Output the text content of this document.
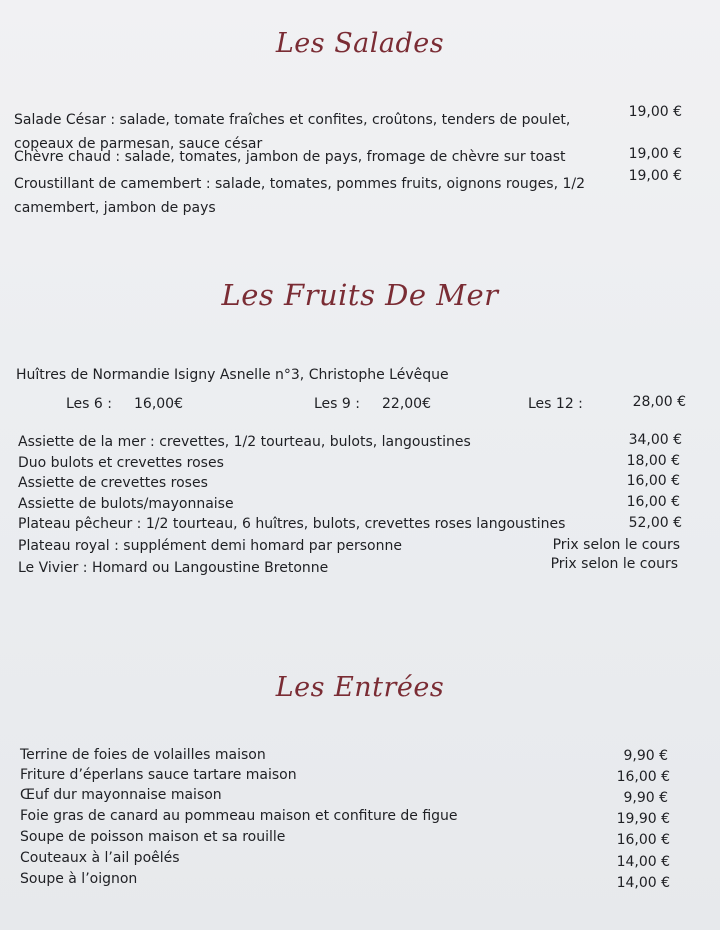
Les Salades
Salade César : salade, tomate fraîches et confites, croûtons, tenders de poulet,
copeaux de parmesan, sauce césar
19,00 €
Chèvre chaud : salade, tomates, jambon de pays, fromage de chèvre sur toast	19,00 €
Croustillant de camembert : salade, tomates, pommes fruits, oignons rouges, 1/2
camembert, jambon de pays
19,00 €
Les Fruits De Mer
Huîtres de Normandie Isigny Asnelle n°3, Christophe Lévêque
Les 6 : 16,00€	Les 9 : 22,00€	Les 12 :	28,00 €
Assiette de la mer : crevettes, 1/2 tourteau, bulots, langoustines	34,00 €
Duo bulots et crevettes roses	18,00 €
Assiette de crevettes roses	16,00 €
Assiette de bulots/mayonnaise	16,00 €
Plateau pêcheur : 1/2 tourteau, 6 huîtres, bulots, crevettes roses langoustines	52,00 €
Plateau royal : supplément demi homard par personne	Prix selon le cours
Le Vivier : Homard ou Langoustine Bretonne	Prix selon le cours
Les Entrées
Terrine de foies de volailles maison	9,90 €
Friture d’éperlans sauce tartare maison	16,00 €
Œuf dur mayonnaise maison	9,90 €
Foie gras de canard au pommeau maison et confiture de figue	19,90 €
Soupe de poisson maison et sa rouille	16,00 €
Couteaux à l’ail poêlés	14,00 €
Soupe à l’oignon	14,00 €
